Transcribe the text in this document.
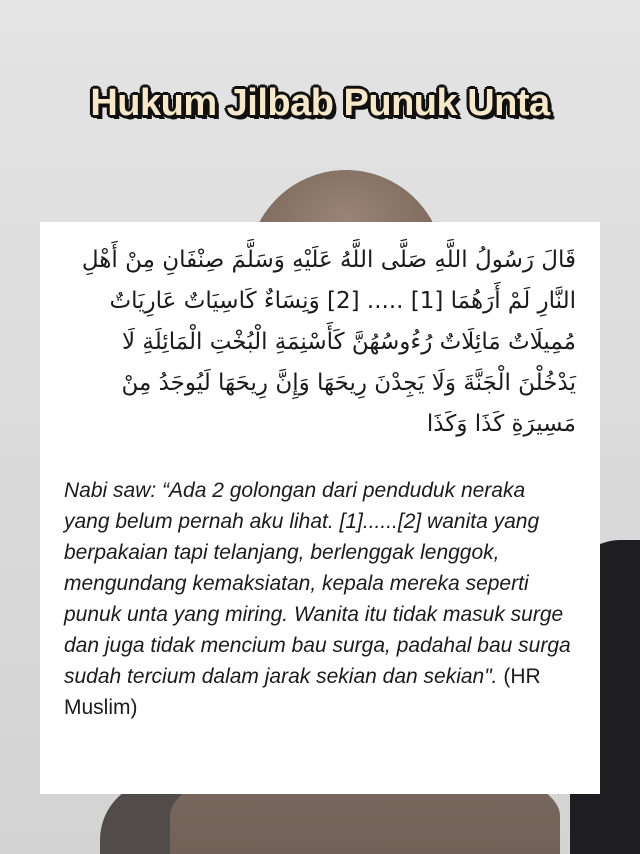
Hukum Jilbab Punuk Unta

قَالَ رَسُولُ اللَّهِ صَلَّى اللَّهُ عَلَيْهِ وَسَلَّمَ صِنْفَانِ مِنْ أَهْلِ النَّارِ لَمْ أَرَهُمَا [1] ..... [2] وَنِسَاءٌ كَاسِيَاتٌ عَارِيَاتٌ مُمِيلَاتٌ مَائِلَاتٌ رُءُوسُهُنَّ كَأَسْنِمَةِ الْبُخْتِ الْمَائِلَةِ لَا يَدْخُلْنَ الْجَنَّةَ وَلَا يَجِدْنَ رِيحَهَا وَإِنَّ رِيحَهَا لَيُوجَدُ مِنْ مَسِيرَةِ كَذَا وَكَذَا

Nabi saw: “Ada 2 golongan dari penduduk neraka yang belum pernah aku lihat. [1]......[2] wanita yang berpakaian tapi telanjang, berlenggak lenggok, mengundang kemaksiatan, kepala mereka seperti punuk unta yang miring. Wanita itu tidak masuk surge dan juga tidak mencium bau surga, padahal bau surga sudah tercium dalam jarak sekian dan sekian". (HR Muslim)
